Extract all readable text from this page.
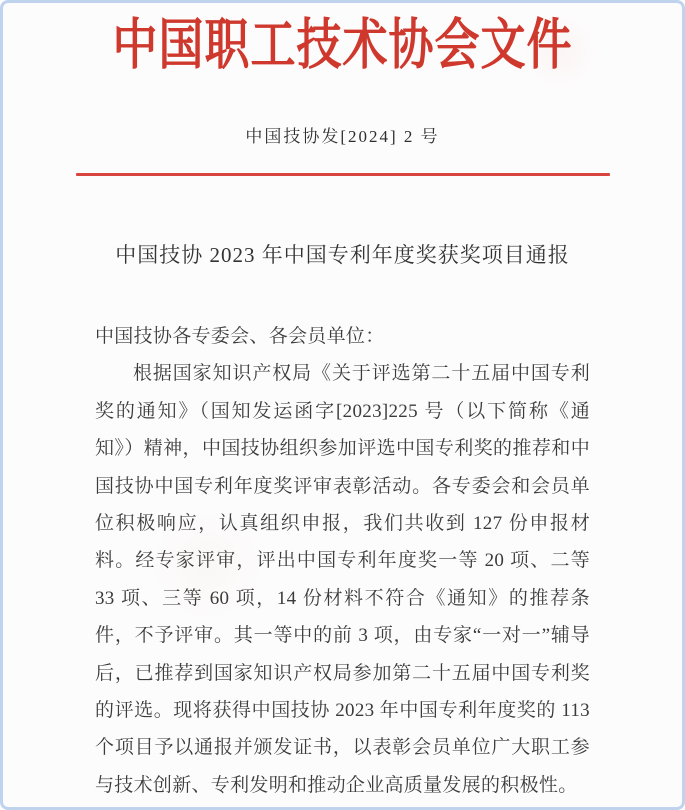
中国职工技术协会文件
中国技协发[2024] 2 号
中国技协 2023 年中国专利年度奖获奖项目通报

中国技协各专委会、各会员单位：

根据国家知识产权局《关于评选第二十五届中国专利奖的通知》（国知发运函字[2023]225 号（以下简称《通知》）精神，中国技协组织参加评选中国专利奖的推荐和中国技协中国专利年度奖评审表彰活动。各专委会和会员单位积极响应，认真组织申报，我们共收到 127 份申报材料。经专家评审，评出中国专利年度奖一等 20 项、二等 33 项、三等 60 项，14 份材料不符合《通知》的推荐条件，不予评审。其一等中的前 3 项，由专家“一对一”辅导后，已推荐到国家知识产权局参加第二十五届中国专利奖的评选。现将获得中国技协 2023 年中国专利年度奖的 113 个项目予以通报并颁发证书，以表彰会员单位广大职工参与技术创新、专利发明和推动企业高质量发展的积极性。
